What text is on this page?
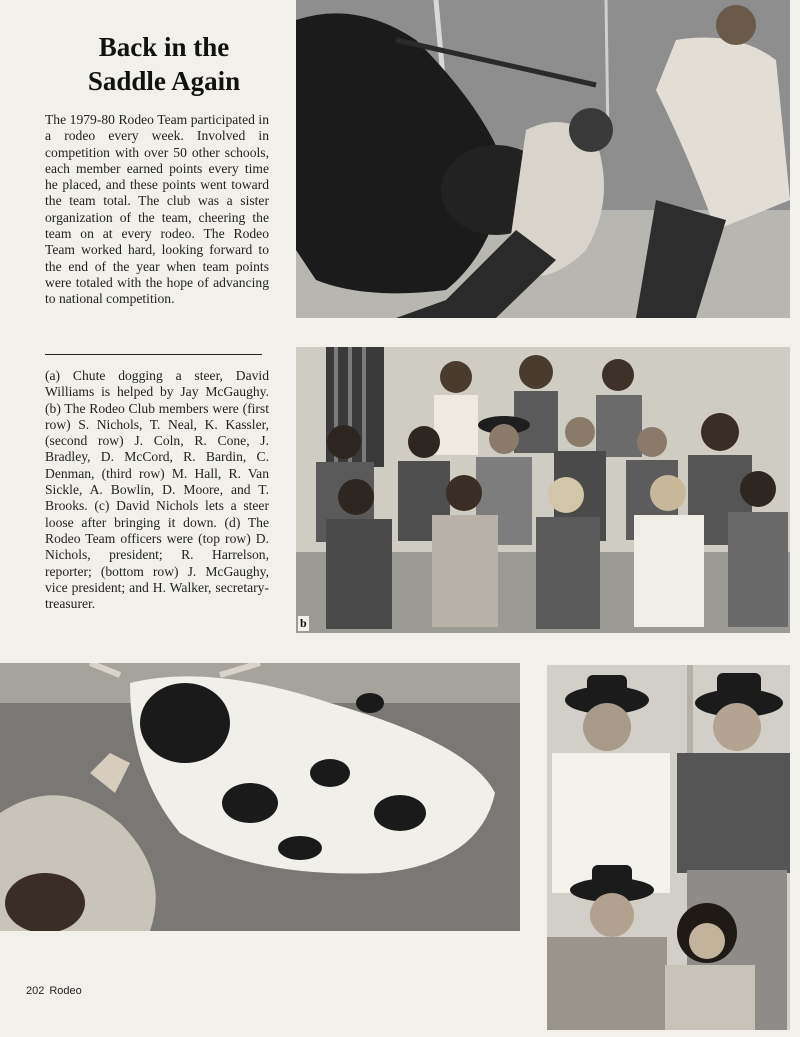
Back in the
Saddle Again
The 1979-80 Rodeo Team participated in a rodeo every week. Involved in competition with over 50 other schools, each member earned points every time he placed, and these points went toward the team total. The club was a sister organization of the team, cheering the team on at every rodeo. The Rodeo Team worked hard, looking forward to the end of the year when team points were totaled with the hope of advancing to national competition.
(a) Chute dogging a steer, David Williams is helped by Jay McGaughy. (b) The Rodeo Club members were (first row) S. Nichols, T. Neal, K. Kassler, (second row) J. Coln, R. Cone, J. Bradley, D. McCord, R. Bardin, C. Denman, (third row) M. Hall, R. Van Sickle, A. Bowlin, D. Moore, and T. Brooks. (c) David Nichols lets a steer loose after bringing it down. (d) The Rodeo Team officers were (top row) D. Nichols, president; R. Harrelson, reporter; (bottom row) J. McGaughy, vice president; and H. Walker, secretary-treasurer.
b
202 Rodeo
